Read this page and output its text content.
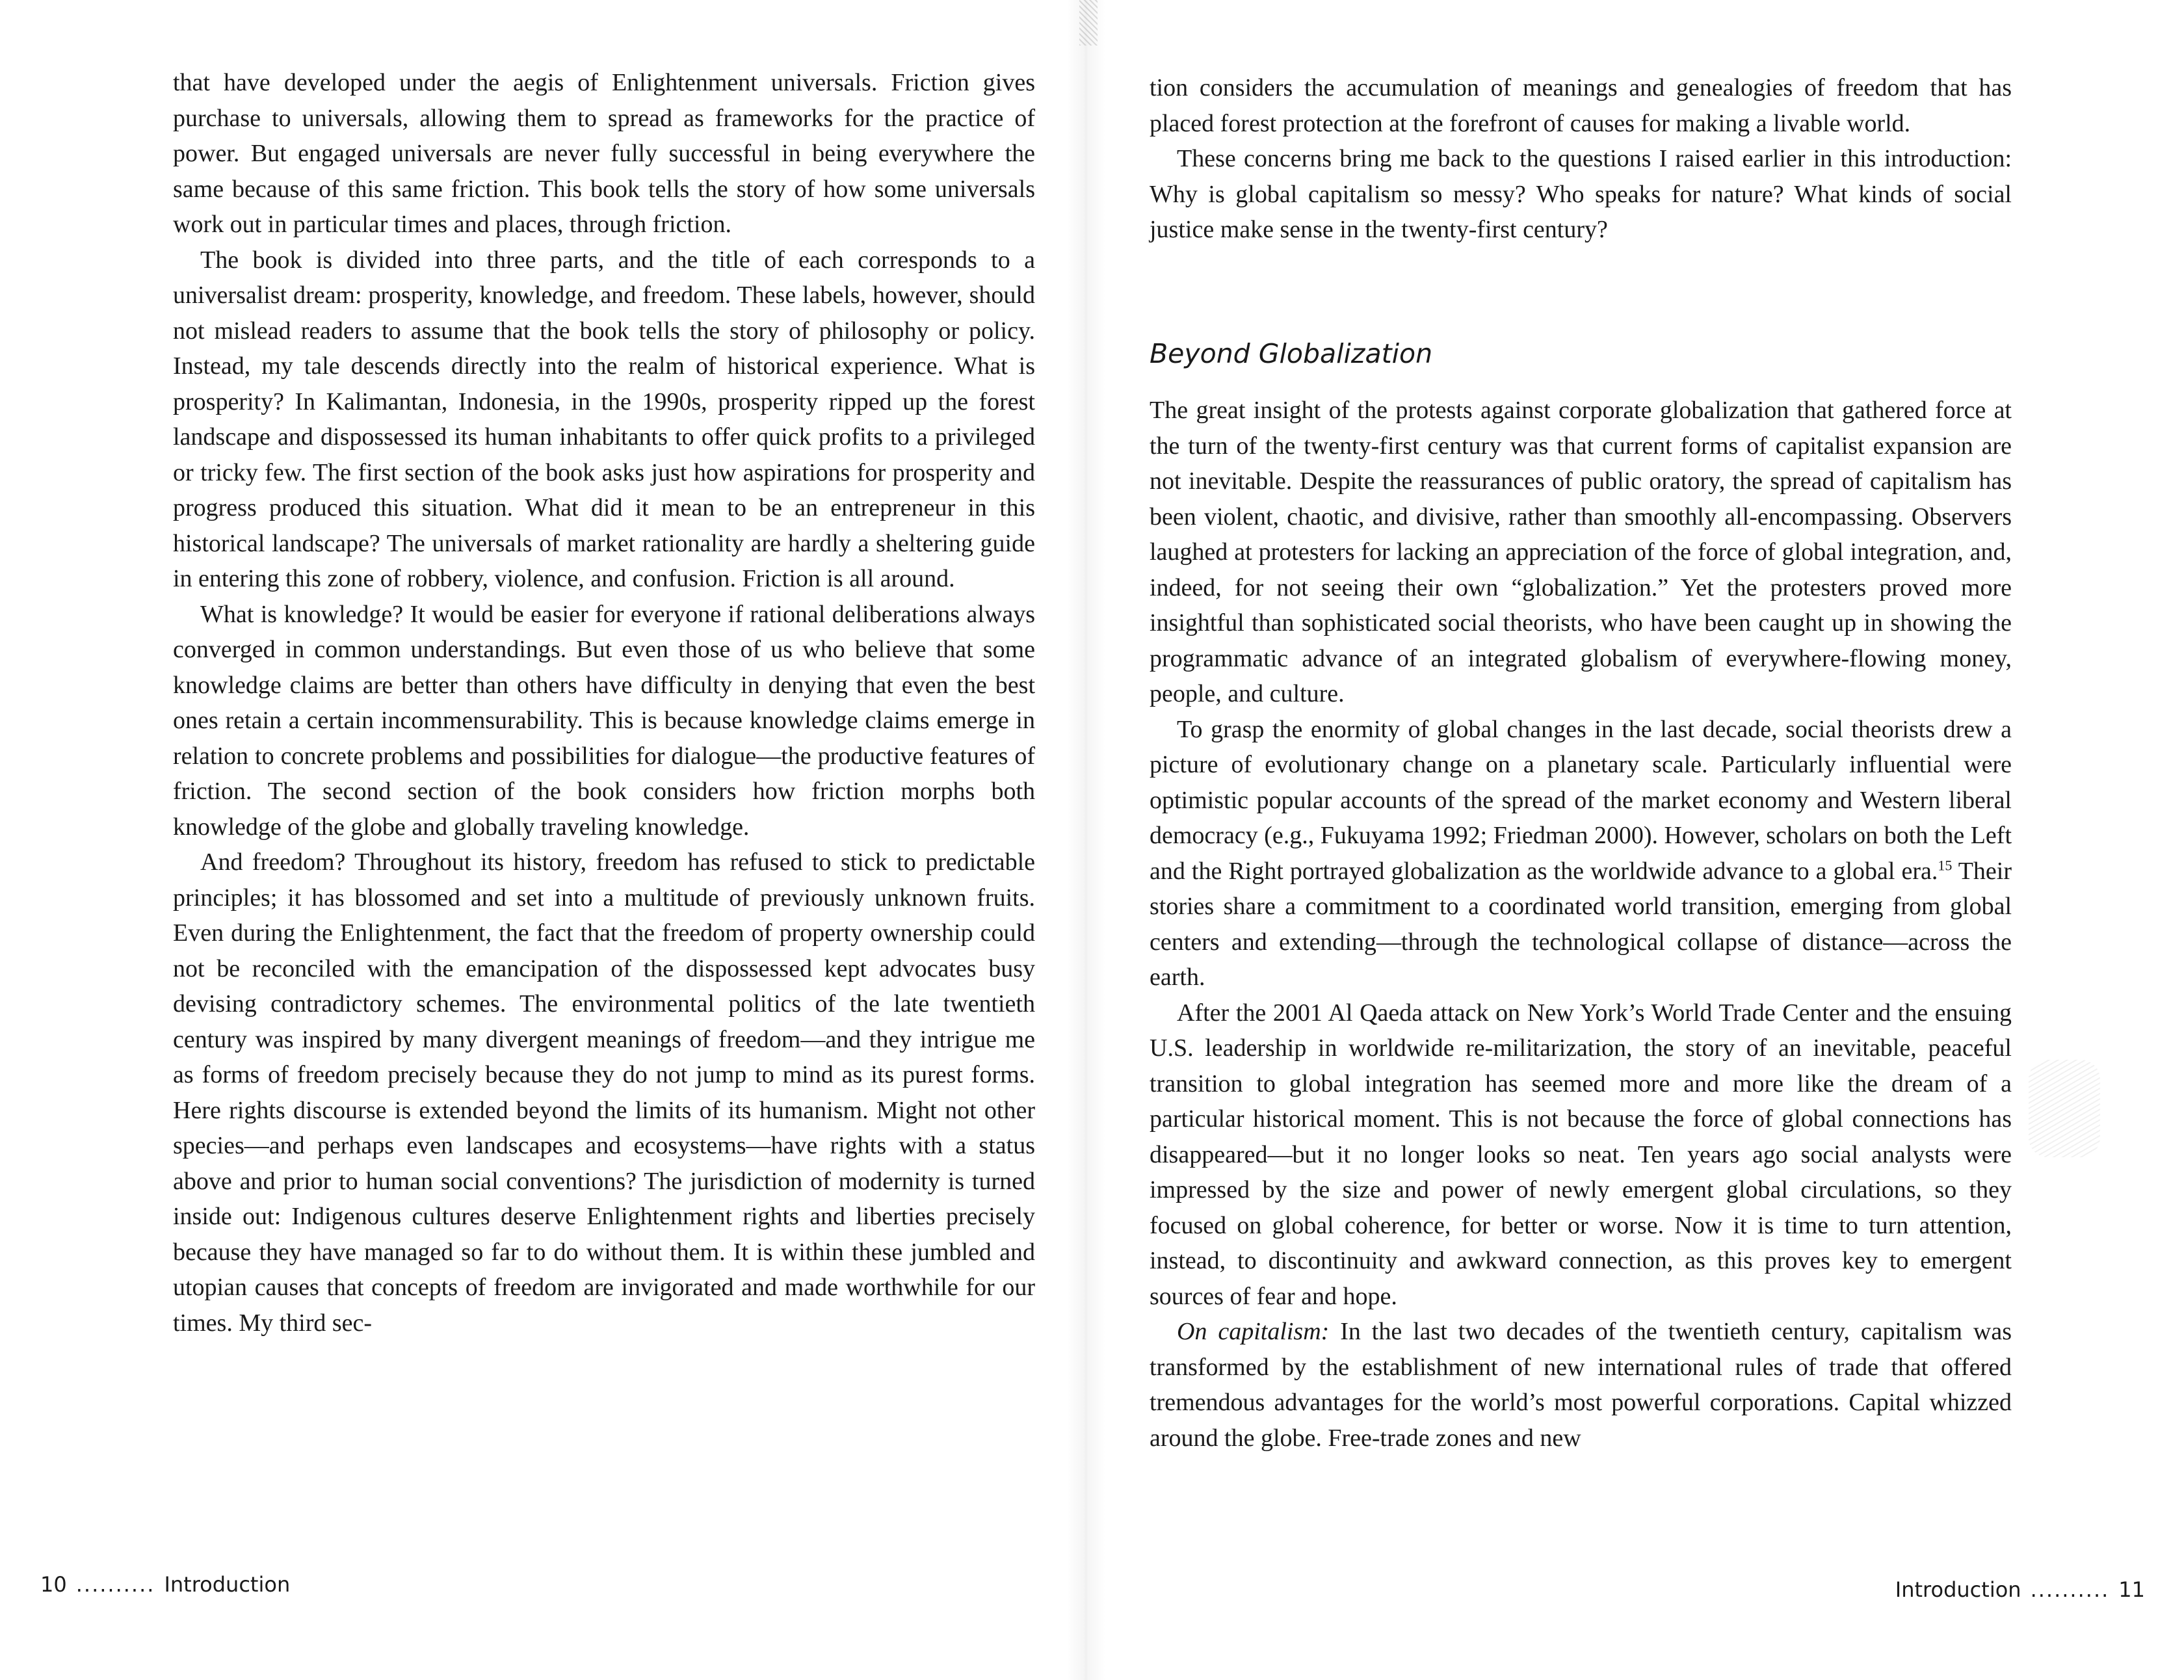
that have developed under the aegis of Enlightenment universals. Friction gives purchase to universals, allowing them to spread as frameworks for the practice of power. But engaged universals are never fully successful in being everywhere the same because of this same friction. This book tells the story of how some universals work out in particular times and places, through friction.

The book is divided into three parts, and the title of each corresponds to a universalist dream: prosperity, knowledge, and freedom. These labels, however, should not mislead readers to assume that the book tells the story of philosophy or policy. Instead, my tale descends directly into the realm of historical experience. What is prosperity? In Kalimantan, Indonesia, in the 1990s, prosperity ripped up the forest landscape and dispossessed its human inhabitants to offer quick profits to a privileged or tricky few. The first section of the book asks just how aspirations for prosperity and progress produced this situation. What did it mean to be an entrepreneur in this historical landscape? The universals of market rationality are hardly a sheltering guide in entering this zone of robbery, violence, and confusion. Friction is all around.

What is knowledge? It would be easier for everyone if rational deliberations always converged in common understandings. But even those of us who believe that some knowledge claims are better than others have difficulty in denying that even the best ones retain a certain incommensurability. This is because knowledge claims emerge in relation to concrete problems and possibilities for dialogue—the productive features of friction. The second section of the book considers how friction morphs both knowledge of the globe and globally traveling knowledge.

And freedom? Throughout its history, freedom has refused to stick to predictable principles; it has blossomed and set into a multitude of previously unknown fruits. Even during the Enlightenment, the fact that the freedom of property ownership could not be reconciled with the emancipation of the dispossessed kept advocates busy devising contradictory schemes. The environmental politics of the late twentieth century was inspired by many divergent meanings of freedom—and they intrigue me as forms of freedom precisely because they do not jump to mind as its purest forms. Here rights discourse is extended beyond the limits of its humanism. Might not other species—and perhaps even landscapes and ecosystems—have rights with a status above and prior to human social conventions? The jurisdiction of modernity is turned inside out: Indigenous cultures deserve Enlightenment rights and liberties precisely because they have managed so far to do without them. It is within these jumbled and utopian causes that concepts of freedom are invigorated and made worthwhile for our times. My third sec-

10 .......... Introduction

tion considers the accumulation of meanings and genealogies of freedom that has placed forest protection at the forefront of causes for making a livable world.

These concerns bring me back to the questions I raised earlier in this introduction: Why is global capitalism so messy? Who speaks for nature? What kinds of social justice make sense in the twenty-first century?

Beyond Globalization

The great insight of the protests against corporate globalization that gathered force at the turn of the twenty-first century was that current forms of capitalist expansion are not inevitable. Despite the reassurances of public oratory, the spread of capitalism has been violent, chaotic, and divisive, rather than smoothly all-encompassing. Observers laughed at protesters for lacking an appreciation of the force of global integration, and, indeed, for not seeing their own “globalization.” Yet the protesters proved more insightful than sophisticated social theorists, who have been caught up in showing the programmatic advance of an integrated globalism of everywhere-flowing money, people, and culture.

To grasp the enormity of global changes in the last decade, social theorists drew a picture of evolutionary change on a planetary scale. Particularly influential were optimistic popular accounts of the spread of the market economy and Western liberal democracy (e.g., Fukuyama 1992; Friedman 2000). However, scholars on both the Left and the Right portrayed globalization as the worldwide advance to a global era.$^{15}$ Their stories share a commitment to a coordinated world transition, emerging from global centers and extending—through the technological collapse of distance—across the earth.

After the 2001 Al Qaeda attack on New York’s World Trade Center and the ensuing U.S. leadership in worldwide re-militarization, the story of an inevitable, peaceful transition to global integration has seemed more and more like the dream of a particular historical moment. This is not because the force of global connections has disappeared—but it no longer looks so neat. Ten years ago social analysts were impressed by the size and power of newly emergent global circulations, so they focused on global coherence, for better or worse. Now it is time to turn attention, instead, to discontinuity and awkward connection, as this proves key to emergent sources of fear and hope.

On capitalism: In the last two decades of the twentieth century, capitalism was transformed by the establishment of new international rules of trade that offered tremendous advantages for the world’s most powerful corporations. Capital whizzed around the globe. Free-trade zones and new

Introduction .......... 11
